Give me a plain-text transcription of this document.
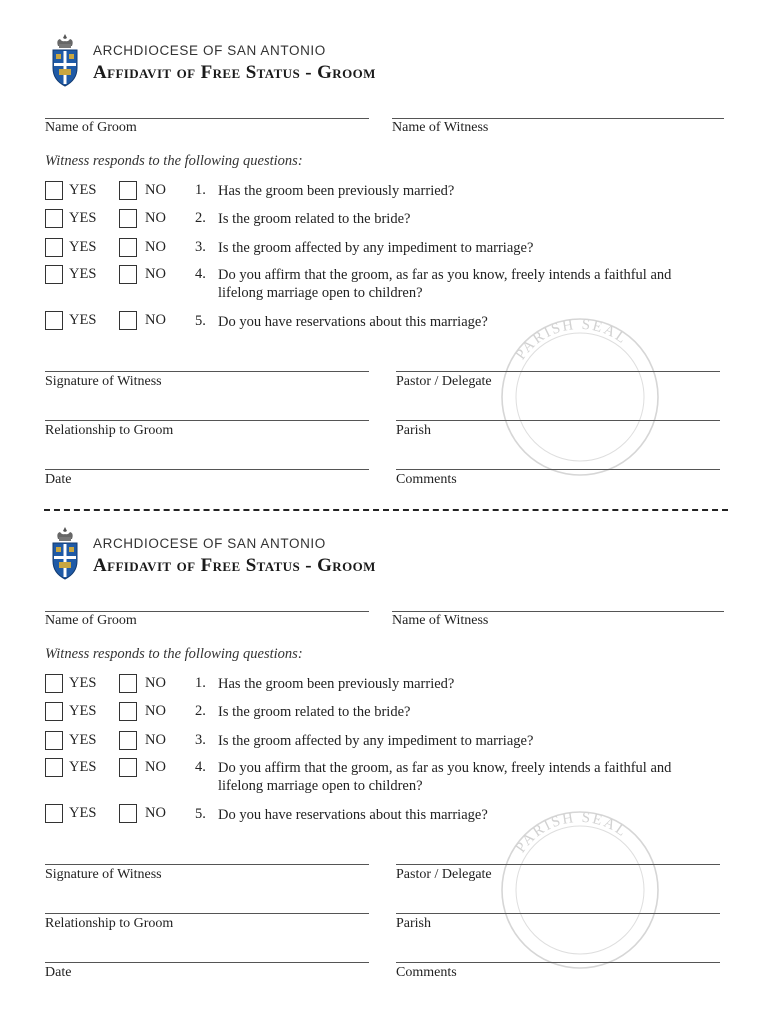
ARCHDIOCESE OF SAN ANTONIO
Affidavit of Free Status - Groom
Name of Groom	Name of Witness
Witness responds to the following questions:
YES	NO 1. Has the groom been previously married?
YES	NO 2. Is the groom related to the bride?
YES	NO 3. Is the groom affected by any impediment to marriage?
YES	NO 4. Do you affirm that the groom, as far as you know, freely intends a faithful and lifelong marriage open to children?
YES	NO 5. Do you have reservations about this marriage?
PARISH SEAL
Signature of Witness	Pastor / Delegate
Relationship to Groom	Parish
Date	Comments
ARCHDIOCESE OF SAN ANTONIO
Affidavit of Free Status - Groom
Name of Groom	Name of Witness
Witness responds to the following questions:
YES	NO 1. Has the groom been previously married?
YES	NO 2. Is the groom related to the bride?
YES	NO 3. Is the groom affected by any impediment to marriage?
YES	NO 4. Do you affirm that the groom, as far as you know, freely intends a faithful and lifelong marriage open to children?
YES	NO 5. Do you have reservations about this marriage?
PARISH SEAL
Signature of Witness	Pastor / Delegate
Relationship to Groom	Parish
Date	Comments
